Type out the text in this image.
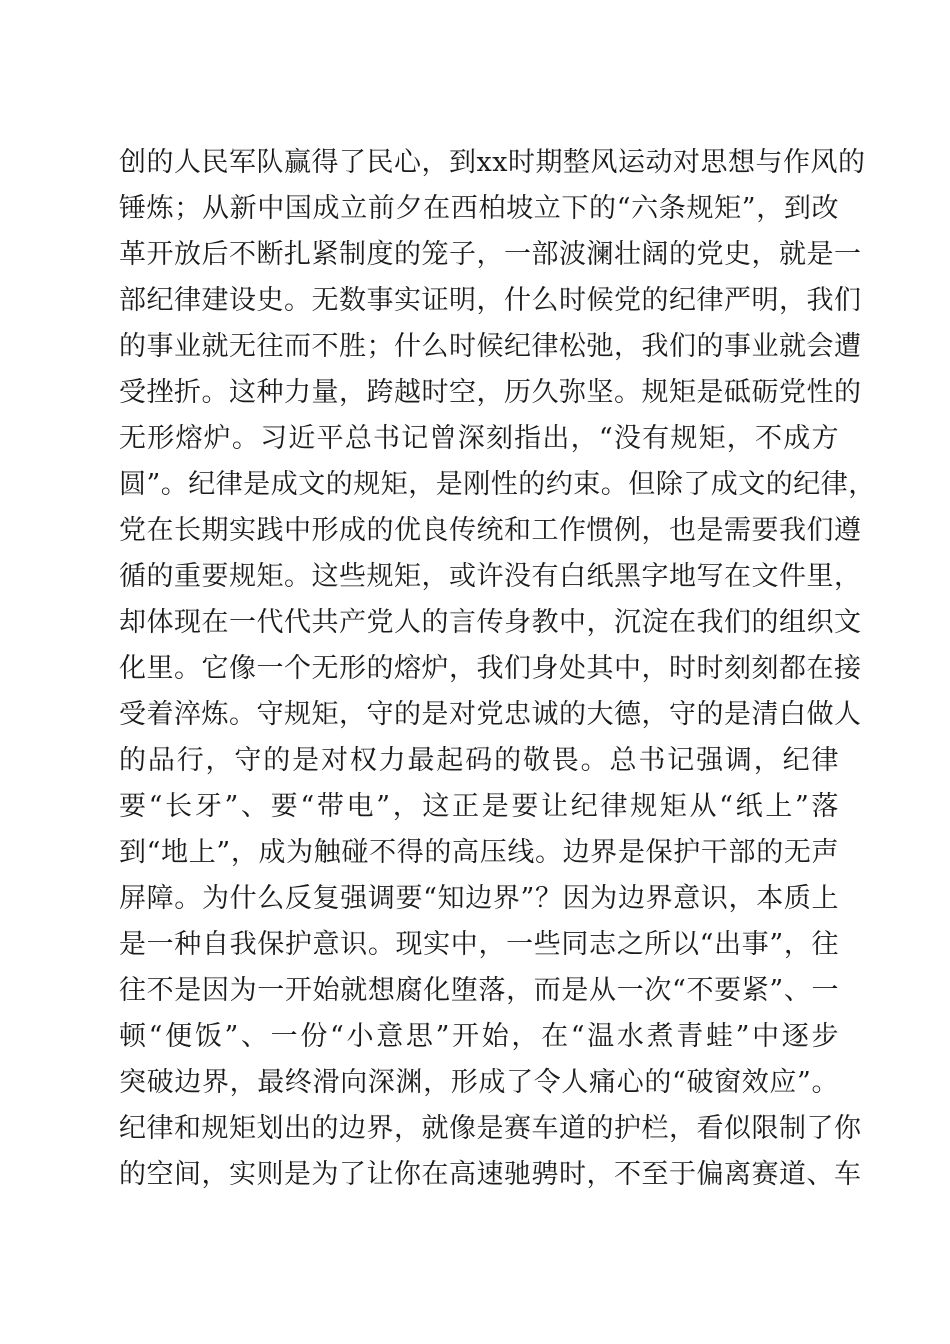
创的人民军队赢得了民心，到xx时期整风运动对思想与作风的
锤炼；从新中国成立前夕在西柏坡立下的“六条规矩”，到改
革开放后不断扎紧制度的笼子，一部波澜壮阔的党史，就是一
部纪律建设史。无数事实证明，什么时候党的纪律严明，我们
的事业就无往而不胜；什么时候纪律松弛，我们的事业就会遭
受挫折。这种力量，跨越时空，历久弥坚。规矩是砥砺党性的
无形熔炉。习近平总书记曾深刻指出，“没有规矩，不成方
圆”。纪律是成文的规矩，是刚性的约束。但除了成文的纪律，
党在长期实践中形成的优良传统和工作惯例，也是需要我们遵
循的重要规矩。这些规矩，或许没有白纸黑字地写在文件里，
却体现在一代代共产党人的言传身教中，沉淀在我们的组织文
化里。它像一个无形的熔炉，我们身处其中，时时刻刻都在接
受着淬炼。守规矩，守的是对党忠诚的大德，守的是清白做人
的品行，守的是对权力最起码的敬畏。总书记强调，纪律
要“长牙”、要“带电”，这正是要让纪律规矩从“纸上”落
到“地上”，成为触碰不得的高压线。边界是保护干部的无声
屏障。为什么反复强调要“知边界”？因为边界意识，本质上
是一种自我保护意识。现实中，一些同志之所以“出事”，往
往不是因为一开始就想腐化堕落，而是从一次“不要紧”、一
顿“便饭”、一份“小意思”开始，在“温水煮青蛙”中逐步
突破边界，最终滑向深渊，形成了令人痛心的“破窗效应”。
纪律和规矩划出的边界，就像是赛车道的护栏，看似限制了你
的空间，实则是为了让你在高速驰骋时，不至于偏离赛道、车
